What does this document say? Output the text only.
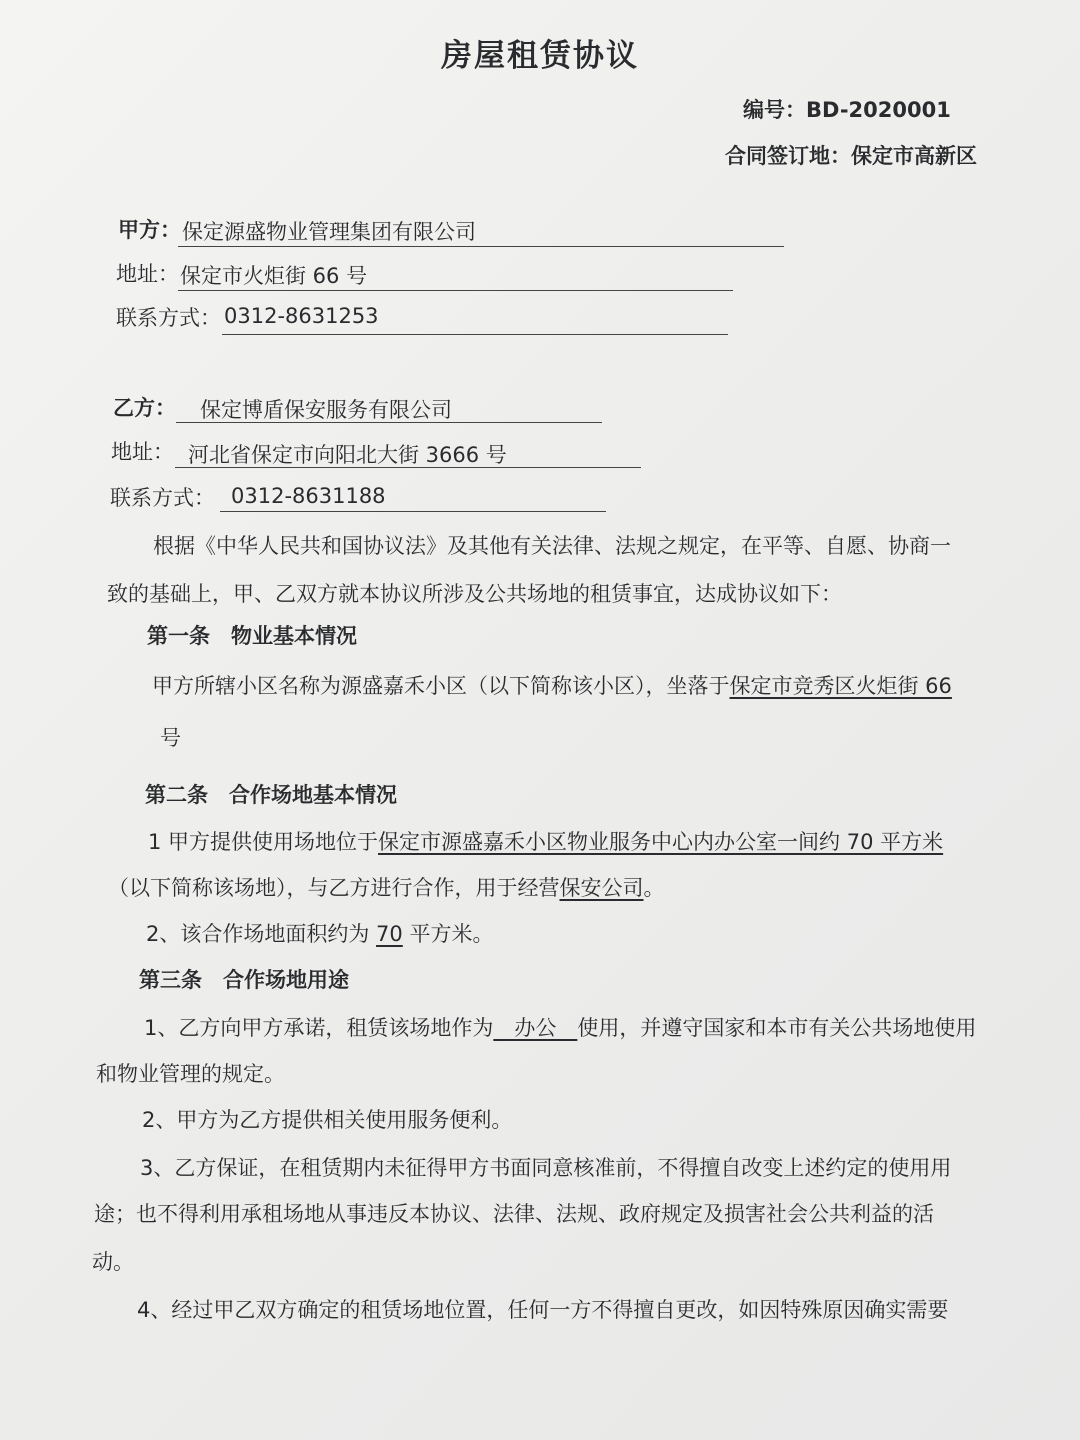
房屋租赁协议
编号：BD-2020001
合同签订地：保定市高新区
甲方： 保定源盛物业管理集团有限公司
地址： 保定市火炬街 66 号
联系方式： 0312-8631253
乙方： 保定博盾保安服务有限公司
地址： 河北省保定市向阳北大街 3666 号
联系方式： 0312-8631188
根据《中华人民共和国协议法》及其他有关法律、法规之规定，在平等、自愿、协商一
致的基础上，甲、乙双方就本协议所涉及公共场地的租赁事宜，达成协议如下：
第一条　物业基本情况
甲方所辖小区名称为源盛嘉禾小区（以下简称该小区），坐落于保定市竞秀区火炬街 66
号
第二条　合作场地基本情况
1 甲方提供使用场地位于保定市源盛嘉禾小区物业服务中心内办公室一间约 70 平方米
（以下简称该场地），与乙方进行合作，用于经营保安公司。
2、该合作场地面积约为 70 平方米。
第三条　合作场地用途
1、乙方向甲方承诺，租赁该场地作为　办公　使用，并遵守国家和本市有关公共场地使用
和物业管理的规定。
2、甲方为乙方提供相关使用服务便利。
3、乙方保证，在租赁期内未征得甲方书面同意核准前，不得擅自改变上述约定的使用用
途；也不得利用承租场地从事违反本协议、法律、法规、政府规定及损害社会公共利益的活
动。
4、经过甲乙双方确定的租赁场地位置，任何一方不得擅自更改，如因特殊原因确实需要
